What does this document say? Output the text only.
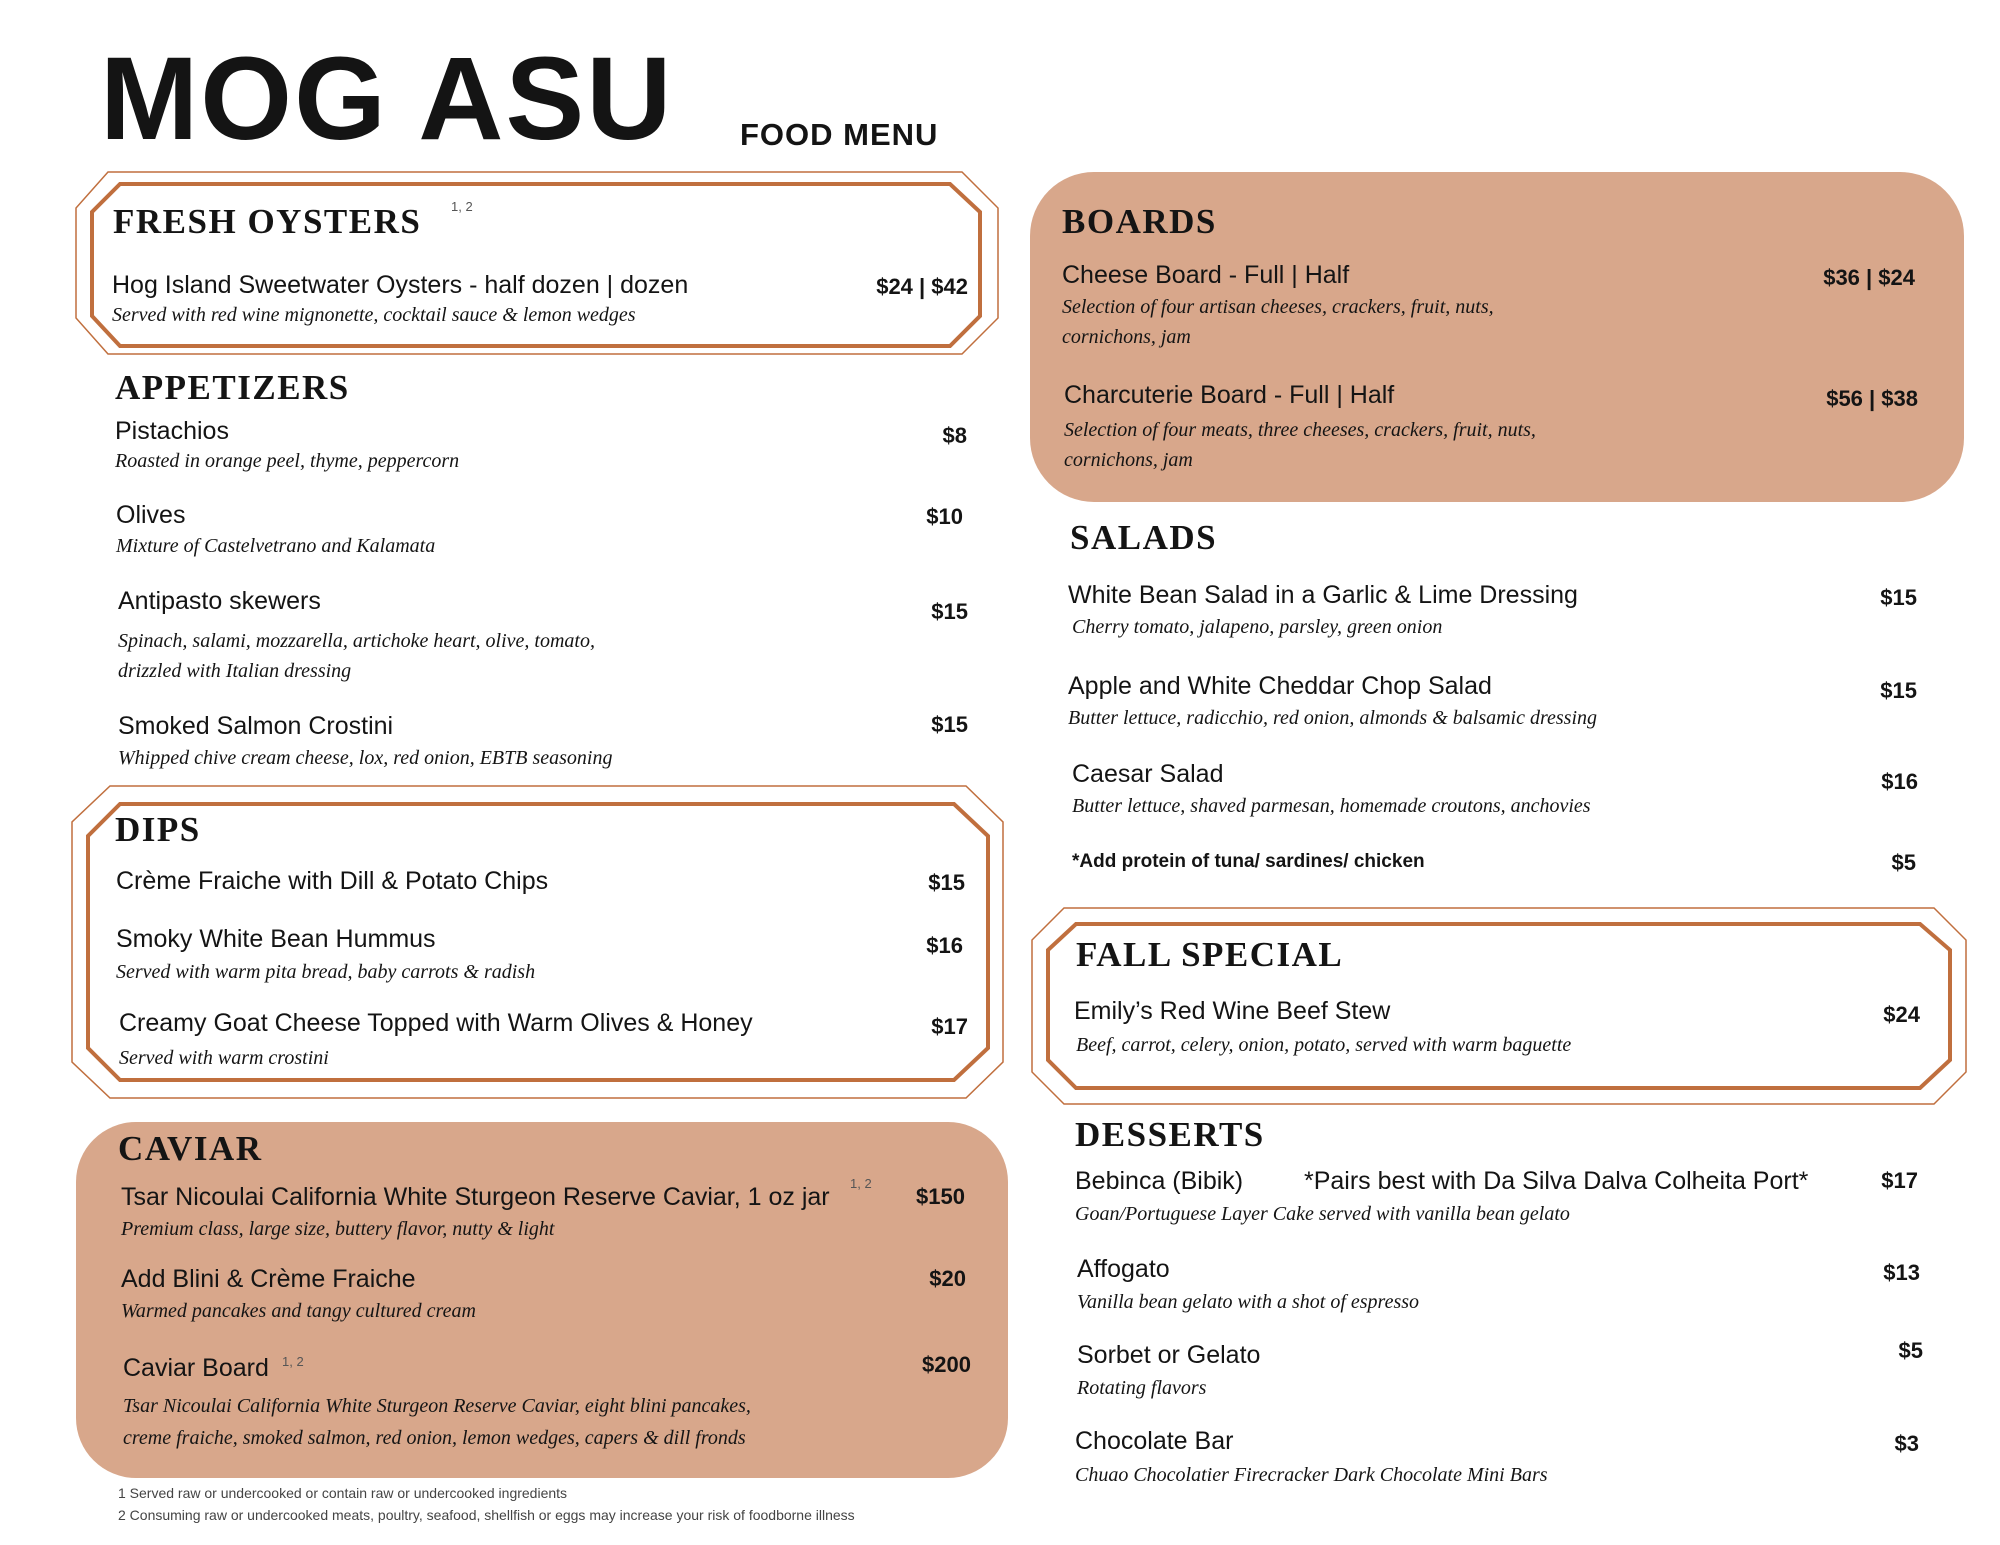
MOG ASU FOOD MENU
FRESH OYSTERS 1, 2
Hog Island Sweetwater Oysters - half dozen | dozen
Served with red wine mignonette, cocktail sauce & lemon wedges
$24 | $42
APPETIZERS
Pistachios
Roasted in orange peel, thyme, peppercorn
$8
Olives
Mixture of Castelvetrano and Kalamata
$10
Antipasto skewers
Spinach, salami, mozzarella, artichoke heart, olive, tomato,
drizzled with Italian dressing
$15
Smoked Salmon Crostini
Whipped chive cream cheese, lox, red onion, EBTB seasoning
$15
DIPS
Crème Fraiche with Dill & Potato Chips	$15
Smoky White Bean Hummus
Served with warm pita bread, baby carrots & radish
$16
Creamy Goat Cheese Topped with Warm Olives & Honey
Served with warm crostini
$17
CAVIAR
Tsar Nicoulai California White Sturgeon Reserve Caviar, 1 oz jar 1, 2
Premium class, large size, buttery flavor, nutty & light
$150
Add Blini & Crème Fraiche
Warmed pancakes and tangy cultured cream
$20
Caviar Board 1, 2
Tsar Nicoulai California White Sturgeon Reserve Caviar, eight blini pancakes,
creme fraiche, smoked salmon, red onion, lemon wedges, capers & dill fronds
$200
1 Served raw or undercooked or contain raw or undercooked ingredients
2 Consuming raw or undercooked meats, poultry, seafood, shellfish or eggs may increase your risk of foodborne illness
BOARDS
Cheese Board - Full | Half
Selection of four artisan cheeses, crackers, fruit, nuts,
cornichons, jam
$36 | $24
Charcuterie Board - Full | Half
Selection of four meats, three cheeses, crackers, fruit, nuts,
cornichons, jam
$56 | $38
SALADS
White Bean Salad in a Garlic & Lime Dressing
Cherry tomato, jalapeno, parsley, green onion
$15
Apple and White Cheddar Chop Salad
Butter lettuce, radicchio, red onion, almonds & balsamic dressing
$15
Caesar Salad
Butter lettuce, shaved parmesan, homemade croutons, anchovies
$16
*Add protein of tuna/ sardines/ chicken	$5
FALL SPECIAL
Emily’s Red Wine Beef Stew
Beef, carrot, celery, onion, potato, served with warm baguette
$24
DESSERTS
Bebinca (Bibik) *Pairs best with Da Silva Dalva Colheita Port*
Goan/Portuguese Layer Cake served with vanilla bean gelato
$17
Affogato
Vanilla bean gelato with a shot of espresso
$13
Sorbet or Gelato
Rotating flavors
$5
Chocolate Bar
Chuao Chocolatier Firecracker Dark Chocolate Mini Bars
$3
